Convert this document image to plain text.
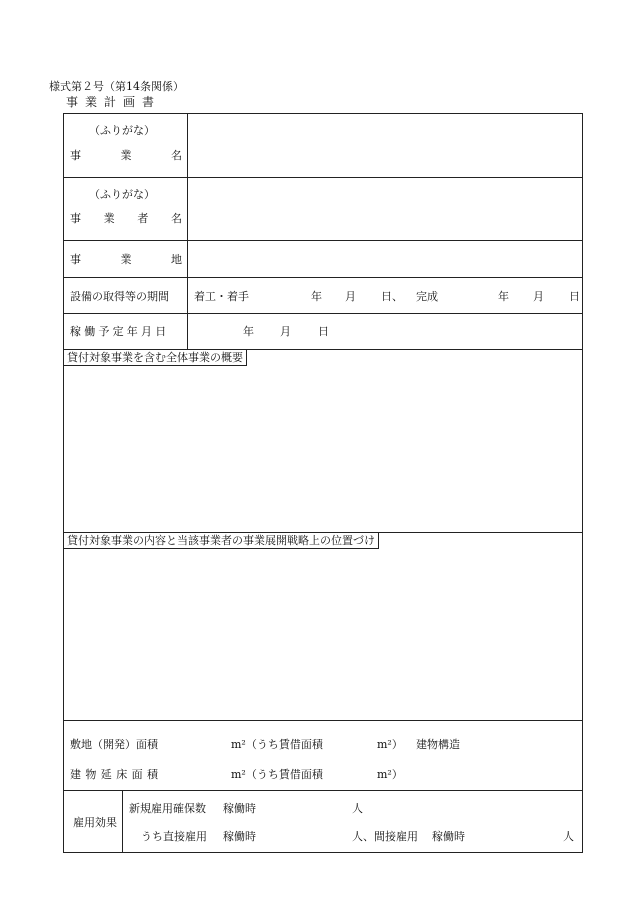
様式第２号（第14条関係）
事業計画書
（ふりがな）
事	業	名
（ふりがな）
事 業 者 名
事	業	地
設備の取得等の期間 着工・着手	年 月 日、 完成	年 月 日
稼働予定年月日	年 月 日
貸付対象事業を含む全体事業の概要
貸付対象事業の内容と当該事業者の事業展開戦略上の位置づけ
敷地（開発）面積	m²（うち賃借面積	m²） 建物構造
建物延床面積	m²（うち賃借面積	m²）
雇用効果
新規雇用確保数 稼働時	人
うち直接雇用 稼働時	人、間接雇用 稼働時	人
